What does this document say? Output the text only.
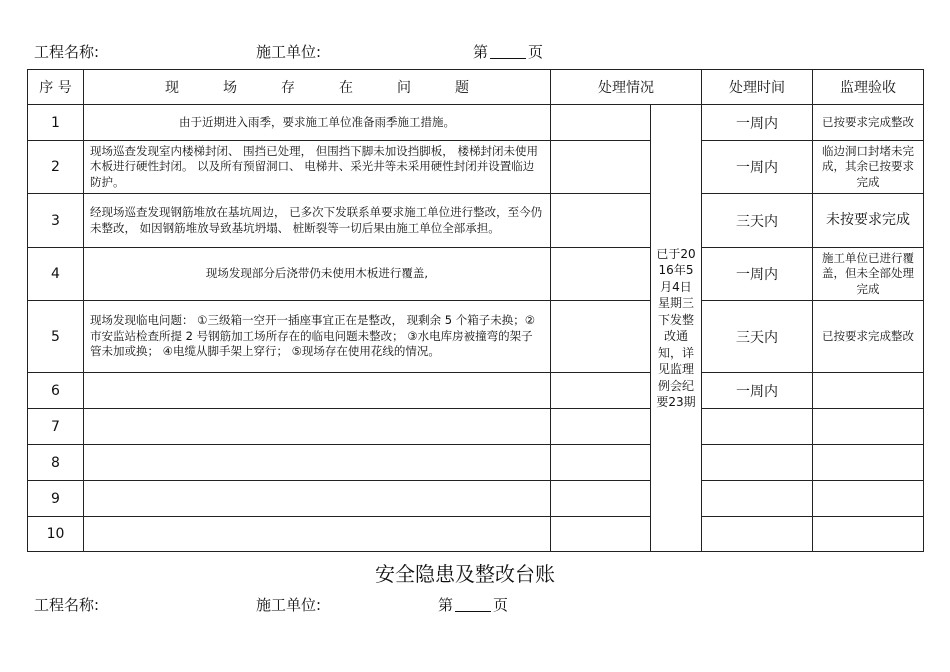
工程名称:	施工单位:	第	页
序 号	现 场 存 在 问 题	处理情况		处理时间	监理验收
1	由于近期进入雨季，要求施工单位准备雨季施工措施。		已于2016年5月4日星期三下发整改通知，详见监理例会纪要23期	一周内	已按要求完成整改
2	现场巡查发现室内楼梯封闭、 围挡已处理， 但围挡下脚未加设挡脚板， 楼梯封闭未使用木板进行硬性封闭。 以及所有预留洞口、 电梯井、采光井等未采用硬性封闭并设置临边防护。			一周内	临边洞口封堵未完成，其余已按要求完成
3	经现场巡查发现钢筋堆放在基坑周边， 已多次下发联系单要求施工单位进行整改，至今仍未整改， 如因钢筋堆放导致基坑坍塌、 桩断裂等一切后果由施工单位全部承担。			三天内	未按要求完成
4	现场发现部分后浇带仍未使用木板进行覆盖,			一周内	施工单位已进行覆盖，但未全部处理完成
5	现场发现临电问题： ①三级箱一空开一插座事宜正在是整改， 现剩余 5 个箱子未换；②市安监站检查所提 2 号钢筋加工场所存在的临电问题未整改； ③水电库房被撞弯的架子管未加或换； ④电缆从脚手架上穿行； ⑤现场存在使用花线的情况。			三天内	已按要求完成整改
6				一周内	
7					
8					
9					
10					
安全隐患及整改台账
工程名称:	施工单位:	第	页
